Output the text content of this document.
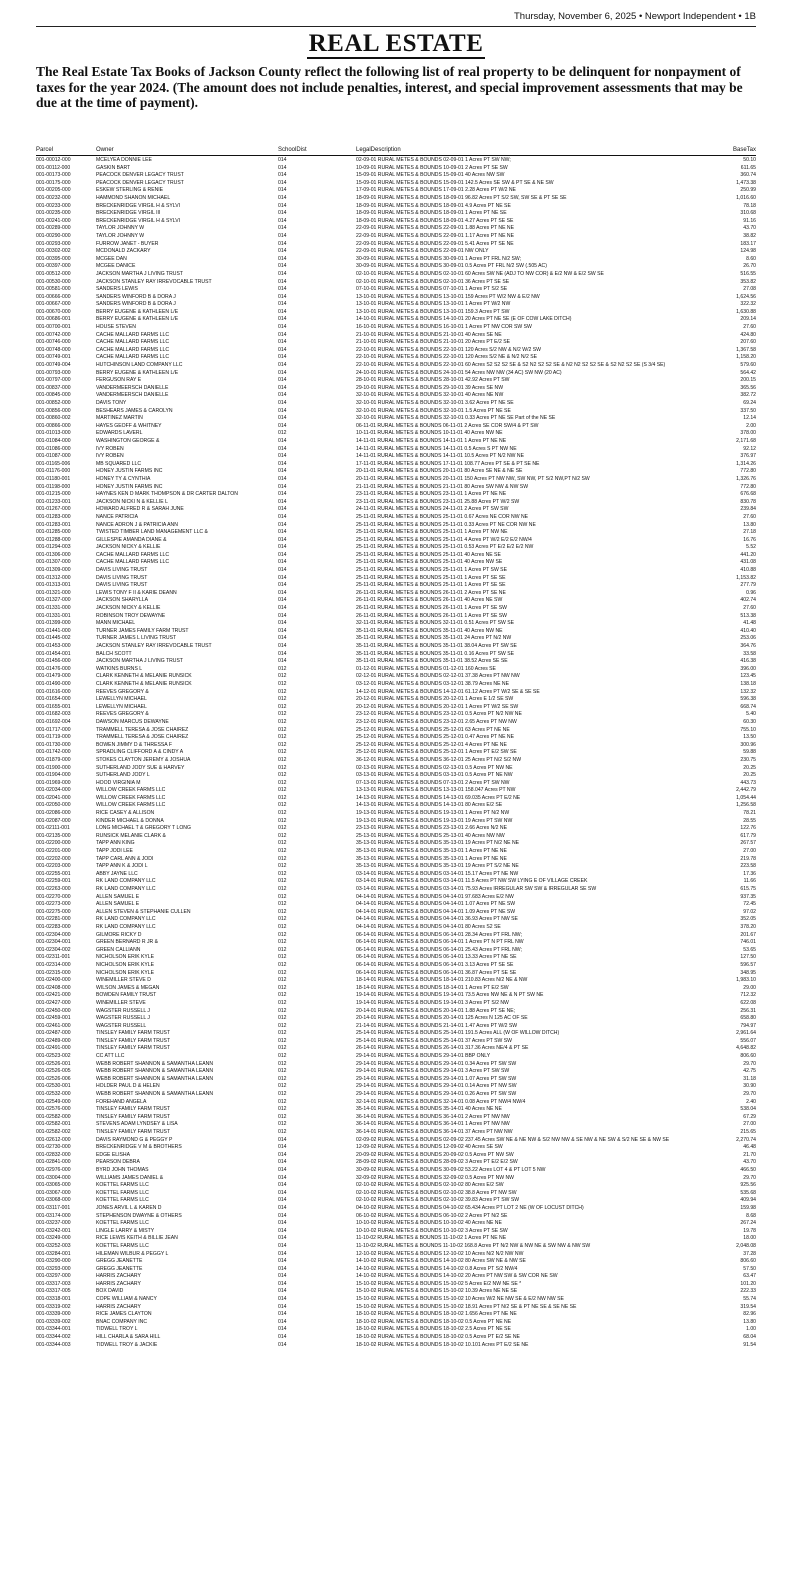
Thursday, November 6, 2025 • Newport Independent • 1B
REAL ESTATE

The Real Estate Tax Books of Jackson County reflect the following list of real property to be delinquent for nonpayment of taxes for the year 2024. (The amount does not include penalties, interest, and special improvement assessments that may be due at the time of payment).

Parcel	Owner	SchoolDist	LegalDescription	BaseTax
001-00012-000	MCELYEA DONNIE LEE	014	02-09-01 RURAL METES & BOUNDS 02-09-01 1 Acres PT SW NW;	50.10
001-00112-000	GASKIN BART	014	10-09-01 RURAL METES & BOUNDS 10-09-01 2 Acres PT SE SW	611.65
001-00173-000	PEACOCK DENVER LEGACY TRUST	014	15-09-01 RURAL METES & BOUNDS 15-09-01 40 Acres NW SW	360.74
001-00175-000	PEACOCK DENVER LEGACY TRUST	014	15-09-01 RURAL METES & BOUNDS 15-09-01 142.5 Acres SE SW & PT SE & NE SW	1,473.38
001-00205-000	ESKEW STERLING & RENIE	014	17-09-01 RURAL METES & BOUNDS 17-09-01 2.28 Acres PT W/2 NE	250.99
001-00232-000	HAMMOND SHANON MICHAEL	014	18-09-01 RURAL METES & BOUNDS 18-09-01 96.82 Acres PT S/2 SW, SW SE & PT SE SE	1,016.60
001-00233-000	BRECKENRIDGE VIRGIL H & SYLVI	014	18-09-01 RURAL METES & BOUNDS 18-09-01 4.9 Acres PT NE SE	78.18
001-00235-000	BRECKENRIDGE VIRGIL III	014	18-09-01 RURAL METES & BOUNDS 18-09-01 1 Acres PT NE SE	310.68
001-00241-000	BRECKENRIDGE VIRGIL H & SYLVI	014	18-09-01 RURAL METES & BOUNDS 18-09-01 4.27 Acres PT SE SE	91.16
001-00289-000	TAYLOR JOHNNY W	014	22-09-01 RURAL METES & BOUNDS 22-09-01 1.88 Acres PT NE NE	43.70
001-00290-000	TAYLOR JOHNNY W	014	22-09-01 RURAL METES & BOUNDS 22-09-01 1.17 Acres PT NE NE	38.82
001-00293-000	FURROW JANET - BUYER	014	22-09-01 RURAL METES & BOUNDS 22-09-01 5.41 Acres PT SE NE	183.17
001-00302-002	MCDONALD ZACKARY	014	22-09-01 RURAL METES & BOUNDS 22-09-01 NW ONLY	124.98
001-00395-000	MCGEE DAN	014	30-09-01 RURAL METES & BOUNDS 30-09-01 1 Acres PT FRL N/2 SW;	8.60
001-00397-000	MCGEE DANICE	014	30-09-01 RURAL METES & BOUNDS 30-09-01 0.5 Acres PT FRL N/2 SW (.505 AC)	26.70
001-00512-000	JACKSON MARTHA J LIVING TRUST	014	02-10-01 RURAL METES & BOUNDS 02-10-01 60 Acres SW NE (ADJ TO NW COR) & E/2 NW & E/2 SW SE	516.55
001-00530-000	JACKSON STANLEY RAY IRREVOCABLE TRUST	014	02-10-01 RURAL METES & BOUNDS 02-10-01 36 Acres PT SE SE	353.82
001-00581-000	SANDERS LEWIS	014	07-10-01 RURAL METES & BOUNDS 07-10-01 1 Acres PT S/2 SE	27.08
001-00666-000	SANDERS WINFORD B & DORA J	014	13-10-01 RURAL METES & BOUNDS 13-10-01 159 Acres PT W/2 NW & E/2 NW	1,624.56
001-00667-000	SANDERS WINFORD B & DORA J	014	13-10-01 RURAL METES & BOUNDS 13-10-01 1 Acres PT W/2 NW	322.32
001-00670-000	BERRY EUGENE & KATHLEEN L/E	014	13-10-01 RURAL METES & BOUNDS 13-10-01 159.3 Acres PT SW	1,630.88
001-00686-001	BERRY EUGENE & KATHLEEN L/E	014	14-10-01 RURAL METES & BOUNDS 14-10-01 20 Acres PT NE SE (E OF COW LAKE DITCH)	209.14
001-00700-001	HOUSE STEVEN	014	16-10-01 RURAL METES & BOUNDS 16-10-01 1 Acres PT NW COR SW SW	27.60
001-00742-000	CACHE MALLARD FARMS LLC	014	21-10-01 RURAL METES & BOUNDS 21-10-01 40 Acres SE NE	424.80
001-00746-000	CACHE MALLARD FARMS LLC	014	21-10-01 RURAL METES & BOUNDS 21-10-01 20 Acres PT E/2 SE	207.60
001-00748-000	CACHE MALLARD FARMS LLC	014	22-10-01 RURAL METES & BOUNDS 22-10-01 120 Acres S/2 NW & N/2 W/2 SW	1,367.58
001-00749-001	CACHE MALLARD FARMS LLC	014	22-10-01 RURAL METES & BOUNDS 22-10-01 120 Acres S/2 NE & N/2 N/2 SE	1,158.20
001-00749-004	HUTCHINSON LAND COMPANY LLC	014	22-10-01 RURAL METES & BOUNDS 22-10-01 60 Acres S2 S2 S2 SE & S2 N2 S2 S2 SE & N2 N2 S2 S2 SE & S2 N2 S2 SE (S 3/4 SE)	579.60
001-00793-000	BERRY EUGENE & KATHLEEN L/E	014	24-10-01 RURAL METES & BOUNDS 24-10-01 54 Acres NW NW (34 AC) SW NW (20 AC)	564.42
001-00797-000	FERGUSON RAY E	014	28-10-01 RURAL METES & BOUNDS 28-10-01 42.92 Acres PT SW	200.15
001-00837-000	VANDERMEERSCH DANIELLE	014	29-10-01 RURAL METES & BOUNDS 29-10-01 39 Acres SE NW	365.56
001-00845-000	VANDERMEERSCH DANIELLE	014	32-10-01 RURAL METES & BOUNDS 32-10-01 40 Acres NE NW	382.72
001-00852-000	DAVIS TONY	014	32-10-01 RURAL METES & BOUNDS 32-10-01 3.62 Acres PT NE SE	69.24
001-00856-000	BESHEARS JAMES & CAROLYN	014	32-10-01 RURAL METES & BOUNDS 32-10-01 1.5 Acres PT NE SE	337.50
001-00860-002	MARTINEZ MARTIN	014	32-10-01 RURAL METES & BOUNDS 32-10-01 0.33 Acres PT NE SE Part of the NE SE	12.14
001-00866-000	HAYES GEOFF & WHITNEY	014	06-11-01 RURAL METES & BOUNDS 06-11-01 2 Acres SE COR SW/4 & PT SW	2.00
001-01013-000	EDWARDS LAVERL	012	10-11-01 RURAL METES & BOUNDS 10-11-01 40 Acres NW NE	378.00
001-01084-000	WASHINGTON GEORGE &	014	14-11-01 RURAL METES & BOUNDS 14-11-01 1 Acres PT NE NE	2,171.68
001-01086-000	IVY ROBEN	014	14-11-01 RURAL METES & BOUNDS 14-11-01 0.5 Acres S PT NW NE	92.12
001-01087-000	IVY ROBEN	014	14-11-01 RURAL METES & BOUNDS 14-11-01 10.5 Acres PT N/2 NW NE	376.97
001-01165-006	MB SQUARED LLC	014	17-11-01 RURAL METES & BOUNDS 17-11-01 108.77 Acres PT SE & PT SE NE	1,314.26
001-01176-000	HONEY JUSTIN FARMS INC	014	20-11-01 RURAL METES & BOUNDS 20-11-01 80 Acres SE NE & NE SE	772.80
001-01180-001	HONEY TY & CYNTHIA	014	20-11-01 RURAL METES & BOUNDS 20-11-01 150 Acres PT NW NW, SW NW, PT S/2 NW,PT N/2 SW	1,326.76
001-01198-000	HONEY JUSTIN FARMS INC	014	21-11-01 RURAL METES & BOUNDS 21-11-01 80 Acres SW NW & NW SW	772.80
001-01215-000	HAYNES KEN D MARK THOMPSON & DR CARTER DALTON	014	23-11-01 RURAL METES & BOUNDS 23-11-01 1 Acres PT NE NE	676.68
001-01233-001	JACKSON NICKI N & KELLIE L	014	23-11-01 RURAL METES & BOUNDS 23-11-01 25.88 Acres PT W/2 SW	830.78
001-01267-000	HOWARD ALFRED R & SARAH JUNE	014	24-11-01 RURAL METES & BOUNDS 24-11-01 2 Acres PT SW SW	239.84
001-01283-000	NANCE PATRICIA	014	25-11-01 RURAL METES & BOUNDS 25-11-01 0.67 Acres NE COR NW NE	27.60
001-01283-001	NANCE ADRON J & PATRICIA ANN	014	25-11-01 RURAL METES & BOUNDS 25-11-01 0.33 Acres PT NE COR NW NE	13.80
001-01285-000	TWISTED TIMBER LAND MANAGEMENT LLC &	014	25-11-01 RURAL METES & BOUNDS 25-11-01 1 Acres PT NW NE	27.18
001-01288-000	GILLESPIE AMANDA DIANE &	014	25-11-01 RURAL METES & BOUNDS 25-11-01 4 Acres PT W/2 E/2 E/2 NW/4	16.76
001-01294-003	JACKSON NICKY & KELLIE	014	25-11-01 RURAL METES & BOUNDS 25-11-01 0.53 Acres PT E/2 E/2 E/2 NW	5.52
001-01306-000	CACHE MALLARD FARMS LLC	014	25-11-01 RURAL METES & BOUNDS 25-11-01 40 Acres NE SE	441.20
001-01307-000	CACHE MALLARD FARMS LLC	014	25-11-01 RURAL METES & BOUNDS 25-11-01 40 Acres NW SE	431.08
001-01309-000	DAVIS LIVING TRUST	014	25-11-01 RURAL METES & BOUNDS 25-11-01 1 Acres PT SW SE	410.88
001-01312-000	DAVIS LIVING TRUST	014	25-11-01 RURAL METES & BOUNDS 25-11-01 1 Acres PT SE SE	1,153.82
001-01313-001	DAVIS LIVING TRUST	014	25-11-01 RURAL METES & BOUNDS 25-11-01 1 Acres PT SE SE	277.79
001-01321-000	LEWIS TONY F II & KARIE DEANN	014	26-11-01 RURAL METES & BOUNDS 26-11-01 2 Acres PT SE NE	0.96
001-01327-000	JACKSON SHARYLLA	014	26-11-01 RURAL METES & BOUNDS 26-11-01 40 Acres NE SW	402.74
001-01331-000	JACKSON NICKY & KELLIE	014	26-11-01 RURAL METES & BOUNDS 26-11-01 1 Acres PT SE SW	27.60
001-01331-001	ROBINSON TROY DEWAYNE	014	26-11-01 RURAL METES & BOUNDS 26-11-01 1 Acres PT SE SW	513.38
001-01399-000	MANN MICHAEL	014	32-11-01 RURAL METES & BOUNDS 32-11-01 0.51 Acres PT SW SE	41.48
001-01441-000	TURNER JAMES FAMILY FARM TRUST	014	35-11-01 RURAL METES & BOUNDS 35-11-01 40 Acres NW NE	410.40
001-01445-002	TURNER JAMES L LIVING TRUST	014	35-11-01 RURAL METES & BOUNDS 35-11-01 24 Acres PT N/2 NW	253.06
001-01453-000	JACKSON STANLEY RAY IRREVOCABLE TRUST	014	35-11-01 RURAL METES & BOUNDS 35-11-01 38.04 Acres PT SW SE	364.76
001-01454-001	BALCH SCOTT	014	35-11-01 RURAL METES & BOUNDS 35-11-01 0.16 Acres PT SW SE	33.58
001-01456-000	JACKSON MARTHA J LIVING TRUST	014	35-11-01 RURAL METES & BOUNDS 35-11-01 38.52 Acres SE SE	416.38
001-01476-000	WATKINS BURNS L	012	01-12-01 RURAL METES & BOUNDS 01-12-01 160 Acres SE	396.00
001-01479-000	CLARK KENNETH & MELANIE RUNSICK	012	02-12-01 RURAL METES & BOUNDS 02-12-01 37.38 Acres PT NW NW	123.45
001-01490-000	CLARK KENNETH & MELANIE RUNSICK	012	03-12-01 RURAL METES & BOUNDS 03-12-01 38.79 Acres NE NE	138.18
001-01616-000	REEVES GREGORY &	012	14-12-01 RURAL METES & BOUNDS 14-12-01 61.12 Acres PT W/2 SE & SE SE	132.32
001-01654-000	LEWELLYN MICHAEL	012	20-12-01 RURAL METES & BOUNDS 20-12-01 1 Acres E 1/2 SE SW	596.38
001-01655-001	LEWELLYN MICHAEL	012	20-12-01 RURAL METES & BOUNDS 20-12-01 1 Acres PT W/2 SE SW	668.74
001-01682-003	REEVES GREGORY &	012	23-12-01 RURAL METES & BOUNDS 23-12-01 0.5 Acres PT N/2 NW NE	5.40
001-01692-004	DAWSON MARCUS DEWAYNE	012	23-12-01 RURAL METES & BOUNDS 23-12-01 2.65 Acres PT NW NW	60.30
001-01717-000	TRAMMELL TERESA & JOSE CHAIREZ	012	25-12-01 RURAL METES & BOUNDS 25-12-01 63 Acres PT NE NE	755.10
001-01719-000	TRAMMELL TERESA & JOSE CHAIREZ	012	25-12-01 RURAL METES & BOUNDS 25-12-01 0.47 Acres PT NE NE	13.50
001-01730-000	BOWEN JIMMY D & THRESSA F	012	25-12-01 RURAL METES & BOUNDS 25-12-01 4 Acres PT NE NE	300.96
001-01742-000	SPRADLING CLIFFORD A & CINDY A	012	25-12-01 RURAL METES & BOUNDS 25-12-01 1 Acres PT E/2 SW SE	59.88
001-01879-000	STOKES CLAYTON JEREMY & JOSHUA	012	36-12-01 RURAL METES & BOUNDS 36-12-01 25 Acres PT N/2 S/2 NW	230.75
001-01900-000	SUTHERLAND JODY SUE & HARVEY	012	02-13-01 RURAL METES & BOUNDS 02-13-01 0.5 Acres PT NW NE	20.25
001-01904-000	SUTHERLAND JODY L	012	03-13-01 RURAL METES & BOUNDS 03-13-01 0.5 Acres PT NE NW	20.25
001-01969-000	HOOD VIRGINIA M	012	07-13-01 RURAL METES & BOUNDS 07-13-01 2 Acres PT SW NW	443.73
001-02034-000	WILLOW CREEK FARMS LLC	012	13-13-01 RURAL METES & BOUNDS 13-13-01 158.047 Acres PT NW	2,442.79
001-02041-000	WILLOW CREEK FARMS LLC	012	14-13-01 RURAL METES & BOUNDS 14-13-01 69.035 Acres PT E/2 NE	1,054.44
001-02050-000	WILLOW CREEK FARMS LLC	012	14-13-01 RURAL METES & BOUNDS 14-13-01 80 Acres E/2 SE	1,256.58
001-02086-000	RICE CASEY & ALLISON	012	19-13-01 RURAL METES & BOUNDS 19-13-01 1 Acres PT N/2 NW	78.21
001-02087-000	KINDER MICHAEL & DONNA	012	19-13-01 RURAL METES & BOUNDS 19-13-01 19 Acres PT SW NW	28.55
001-02111-001	LONG MICHAEL T & GREGORY T LONG	012	23-13-01 RURAL METES & BOUNDS 23-13-01 2.66 Acres N/2 NE	122.76
001-02135-000	RUNSICK MELANIE CLARK &	012	25-13-01 RURAL METES & BOUNDS 25-13-01 40 Acres NW NW	617.79
001-02200-000	TAPP ANN KING	012	35-13-01 RURAL METES & BOUNDS 35-13-01 19 Acres PT N/2 NE NE	267.57
001-02201-000	TAPP JODI LEE	012	35-13-01 RURAL METES & BOUNDS 35-13-01 1 Acres PT NE NE	27.00
001-02202-000	TAPP CARL ANN & JODI	012	35-13-01 RURAL METES & BOUNDS 35-13-01 1 Acres PT NE NE	219.78
001-02203-000	TAPP ANN K & JODI L	012	35-13-01 RURAL METES & BOUNDS 35-13-01 19 Acres PT S/2 NE NE	223.58
001-02255-001	ABBY JAYNE LLC	012	03-14-01 RURAL METES & BOUNDS 03-14-01 15.17 Acres PT NE NW	17.36
001-02259-001	RK LAND COMPANY LLC	012	03-14-01 RURAL METES & BOUNDS 03-14-01 11.5 Acres PT NW SW LYING E OF VILLAGE CREEK	11.66
001-02263-000	RK LAND COMPANY LLC	012	03-14-01 RURAL METES & BOUNDS 03-14-01 75.93 Acres IRREGULAR SW SW & IRREGULAR SE SW	615.75
001-02270-000	ALLEN SAMUEL E	012	04-14-01 RURAL METES & BOUNDS 04-14-01 97.683 Acres E/2 NW	937.35
001-02273-000	ALLEN SAMUEL E	012	04-14-01 RURAL METES & BOUNDS 04-14-01 1.07 Acres PT NE SW	72.45
001-02275-000	ALLEN STEVEN & STEPHANIE CULLEN	012	04-14-01 RURAL METES & BOUNDS 04-14-01 1.09 Acres PT NE SW	97.02
001-02281-000	RK LAND COMPANY LLC	012	04-14-01 RURAL METES & BOUNDS 04-14-01 36.93 Acres PT NW SE	352.05
001-02283-000	RK LAND COMPANY LLC	012	04-14-01 RURAL METES & BOUNDS 04-14-01 80 Acres S2 SE	378.20
001-02304-000	GILMORE RICKY D	012	06-14-01 RURAL METES & BOUNDS 06-14-01 28.34 Acres PT FRL NW;	201.67
001-02304-001	GREEN BERNARD R JR &	012	06-14-01 RURAL METES & BOUNDS 06-14-01 1 Acres PT N PT FRL NW	746.01
001-02304-002	GREEN CALLIANN	012	06-14-01 RURAL METES & BOUNDS 06-14-01 25.43 Acres PT FRL NW;	53.65
001-02311-001	NICHOLSON ERIK KYLE	012	06-14-01 RURAL METES & BOUNDS 06-14-01 13.33 Acres PT NE SE	127.50
001-02314-000	NICHOLSON ERIK KYLE	012	06-14-01 RURAL METES & BOUNDS 06-14-01 3.13 Acres PT SE SE	596.57
001-02315-000	NICHOLSON ERIK KYLE	012	06-14-01 RURAL METES & BOUNDS 06-14-01 36.87 Acres PT SE SE	348.95
001-02400-000	WINEMILLER STEVE D	012	18-14-01 RURAL METES & BOUNDS 18-14-01 210.83 Acres N/2 NE & NW	1,983.10
001-02408-000	WILSON JAMES & MEGAN	012	18-14-01 RURAL METES & BOUNDS 18-14-01 1 Acres PT E/2 SW	29.00
001-02421-000	BOWDEN FAMILY TRUST	012	19-14-01 RURAL METES & BOUNDS 19-14-01 73.5 Acres NW NE & N PT SW NE	712.32
001-02427-000	WINEMILLER STEVE	012	19-14-01 RURAL METES & BOUNDS 19-14-01 3 Acres PT S/2 NW	622.08
001-02450-000	WAGSTER RUSSELL J	012	20-14-01 RURAL METES & BOUNDS 20-14-01 1.88 Acres PT SE NE;	256.31
001-02459-001	WAGSTER RUSSELL J	012	20-14-01 RURAL METES & BOUNDS 20-14-01 125 Acres N 125 AC OF SE	658.80
001-02461-000	WAGSTER RUSSELL	012	21-14-01 RURAL METES & BOUNDS 21-14-01 1.47 Acres PT W/2 SW	794.97
001-02487-000	TINSLEY FAMILY FARM TRUST	012	25-14-01 RURAL METES & BOUNDS 25-14-01 191.5 Acres ALL (W OF WILLOW DITCH)	2,961.64
001-02489-000	TINSLEY FAMILY FARM TRUST	012	25-14-01 RURAL METES & BOUNDS 25-14-01 37 Acres PT SW SW	556.07
001-02491-000	TINSLEY FAMILY FARM TRUST	012	26-14-01 RURAL METES & BOUNDS 26-14-01 317.36 Acres NE/4 & PT SE	4,648.82
001-02523-002	CC ATT LLC	012	29-14-01 RURAL METES & BOUNDS 29-14-01 BBP ONLY	806.60
001-02526-001	WEBB ROBERT SHANNON & SAMANTHA LEANN	012	29-14-01 RURAL METES & BOUNDS 29-14-01 0.34 Acres PT SW SW	29.70
001-02526-005	WEBB ROBERT SHANNON & SAMANTHA LEANN	012	29-14-01 RURAL METES & BOUNDS 29-14-01 3 Acres PT SW SW	42.75
001-02526-006	WEBB ROBERT SHANNON & SAMANTHA LEANN	012	29-14-01 RURAL METES & BOUNDS 29-14-01 1.07 Acres PT SW SW	31.18
001-02530-001	HOLDER PAUL D & HELEN	012	29-14-01 RURAL METES & BOUNDS 29-14-01 0.14 Acres PT NW SW	30.90
001-02532-000	WEBB ROBERT SHANNON & SAMANTHA LEANN	012	29-14-01 RURAL METES & BOUNDS 29-14-01 0.26 Acres PT SW SW	29.70
001-02549-000	FOREHAND ANGELA	012	32-14-01 RURAL METES & BOUNDS 32-14-01 0.08 Acres PT NW/4 NW/4	2.40
001-02576-000	TINSLEY FAMILY FARM TRUST	012	35-14-01 RURAL METES & BOUNDS 35-14-01 40 Acres NE NE	538.04
001-02582-000	TINSLEY FAMILY FARM TRUST	012	36-14-01 RURAL METES & BOUNDS 36-14-01 2 Acres PT NW NW	67.29
001-02582-001	STEVENS ADAM LYNDSEY & LISA	012	36-14-01 RURAL METES & BOUNDS 36-14-01 1 Acres PT NW NW	27.00
001-02582-002	TINSLEY FAMILY FARM TRUST	012	36-14-01 RURAL METES & BOUNDS 36-14-01 37 Acres PT NW NW	215.65
001-02612-000	DAVIS RAYMOND G & PEGGY P	014	02-09-02 RURAL METES & BOUNDS 02-09-02 237.45 Acres SW NE & NE NW & S/2 NW NW & SE NW & NE SW & S/2 NE SE & NW SE	2,270.74
001-02730-000	BRECKENRIDGE V M & BROTHERS	014	12-09-02 RURAL METES & BOUNDS 12-09-02 40 Acres SE SW	46.48
001-02832-000	EDGE ELISHA	014	20-09-02 RURAL METES & BOUNDS 20-09-02 0.5 Acres PT NW SW	21.70
001-02841-000	PEARSON DEBRA	014	28-09-02 RURAL METES & BOUNDS 28-09-02 3 Acres PT E/2 E/2 SW	43.70
001-02976-000	BYRD JOHN THOMAS	014	30-09-02 RURAL METES & BOUNDS 30-09-02 53.22 Acres LOT 4 & PT LOT 5 NW	466.50
001-03004-000	WILLIAMS JAMES DANIEL &	014	32-09-02 RURAL METES & BOUNDS 32-09-02 0.5 Acres PT NW NW	29.70
001-03065-000	KOETTEL FARMS LLC	014	02-10-02 RURAL METES & BOUNDS 02-10-02 80 Acres E/2 SW	925.56
001-03067-000	KOETTEL FARMS LLC	014	02-10-02 RURAL METES & BOUNDS 02-10-02 38.8 Acres PT NW SW	535.68
001-03068-000	KOETTEL FARMS LLC	014	02-10-02 RURAL METES & BOUNDS 02-10-02 39.83 Acres PT SW SW	409.94
001-03117-001	JONES ARVIL L & KAREN D	014	04-10-02 RURAL METES & BOUNDS 04-10-02 65.434 Acres PT LOT 2 NE (W OF LOCUST DITCH)	159.98
001-03174-000	STEPHENSON DWAYNE & OTHERS	014	06-10-02 RURAL METES & BOUNDS 06-10-02 2 Acres PT N/2 SE	8.68
001-03237-000	KOETTEL FARMS LLC	014	10-10-02 RURAL METES & BOUNDS 10-10-02 40 Acres NE NE	267.24
001-03242-001	LINGLE LARRY & MISTY	014	10-10-02 RURAL METES & BOUNDS 10-10-02 3 Acres PT SE SW	19.78
001-03249-000	RICE LEWIS KEITH & BILLIE JEAN	014	11-10-02 RURAL METES & BOUNDS 11-10-02 1 Acres PT NE NE	18.00
001-03252-003	KOETTEL FARMS LLC	014	11-10-02 RURAL METES & BOUNDS 11-10-02 168.8 Acres PT N/2 NW & NW NE & SW NW & NW SW	2,048.08
001-03284-001	HILEMAN WILBUR & PEGGY L	014	12-10-02 RURAL METES & BOUNDS 12-10-02 10 Acres N/2 N/2 NW NW	37.28
001-03290-000	GREGG JEANETTE	014	14-10-02 RURAL METES & BOUNDS 14-10-02 80 Acres SW NE & NW SE	806.60
001-03293-000	GREGG JEANETTE	014	14-10-02 RURAL METES & BOUNDS 14-10-02 0.8 Acres PT S/2 NW/4	57.50
001-03297-000	HARRIS ZACHARY	014	14-10-02 RURAL METES & BOUNDS 14-10-02 20 Acres PT NW SW & SW COR NE SW	63.47
001-03317-003	HARRIS ZACHARY	014	15-10-02 RURAL METES & BOUNDS 15-10-02 5 Acres E/2 NW NE SE *	101.20
001-03317-005	BOX DAVID	014	15-10-02 RURAL METES & BOUNDS 15-10-02 10.39 Acres NE NE SE	222.33
001-03318-001	COPE WILLIAM & NANCY	014	15-10-02 RURAL METES & BOUNDS 15-10-02 10 Acres W/2 NE NW SE & E/2 NW NW SE	55.74
001-03319-002	HARRIS ZACHARY	014	15-10-02 RURAL METES & BOUNDS 15-10-02 18.91 Acres PT N/2 SE & PT NE SE & SE NE SE	319.54
001-03339-000	RICE JAMES CLAYTON	014	18-10-02 RURAL METES & BOUNDS 18-10-02 1.656 Acres PT NE NE	82.96
001-03339-002	BNAC COMPANY INC	014	18-10-02 RURAL METES & BOUNDS 18-10-02 0.5 Acres PT NE NE	13.80
001-03344-001	TIDWELL TROY L	014	18-10-02 RURAL METES & BOUNDS 18-10-02 2.5 Acres PT NE SE	1.00
001-03344-002	HILL CHARLA & SARA HILL	014	18-10-02 RURAL METES & BOUNDS 18-10-02 0.5 Acres PT E/2 SE NE	68.04
001-03344-003	TIDWELL TROY & JACKIE	014	18-10-02 RURAL METES & BOUNDS 18-10-02 10.101 Acres PT E/2 SE NE	91.54
